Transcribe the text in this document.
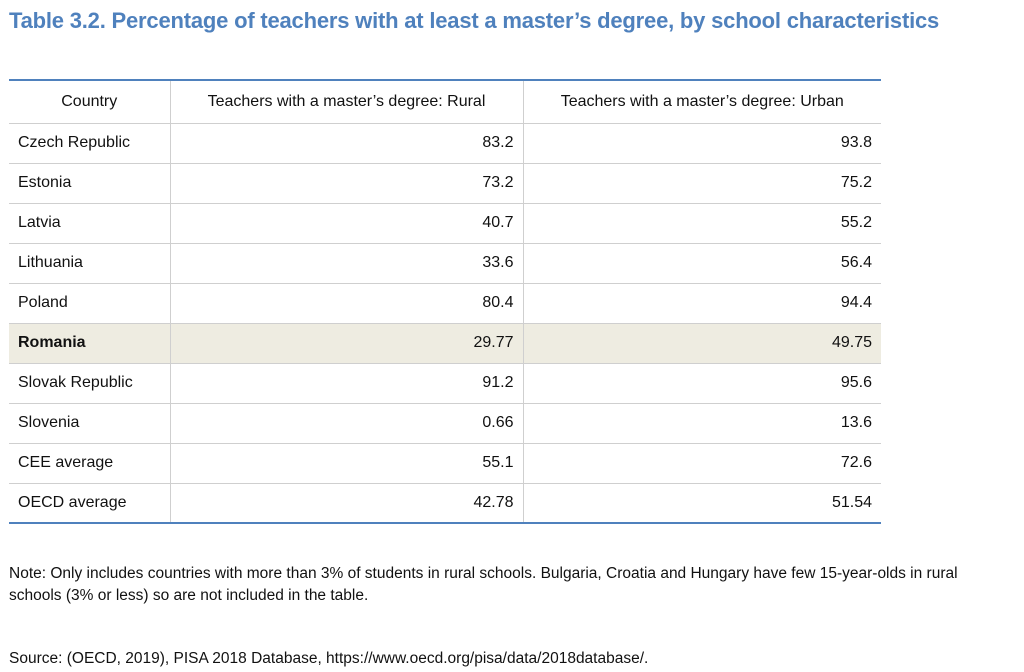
Table 3.2. Percentage of teachers with at least a master’s degree, by school characteristics
Country	Teachers with a master’s degree: Rural	Teachers with a master’s degree: Urban
Czech Republic	83.2	93.8
Estonia	73.2	75.2
Latvia	40.7	55.2
Lithuania	33.6	56.4
Poland	80.4	94.4
Romania	29.77	49.75
Slovak Republic	91.2	95.6
Slovenia	0.66	13.6
CEE average	55.1	72.6
OECD average	42.78	51.54
Note: Only includes countries with more than 3% of students in rural schools. Bulgaria, Croatia and Hungary have few 15-year-olds in rural
schools (3% or less) so are not included in the table.
Source: (OECD, 2019), PISA 2018 Database, https://www.oecd.org/pisa/data/2018database/.
